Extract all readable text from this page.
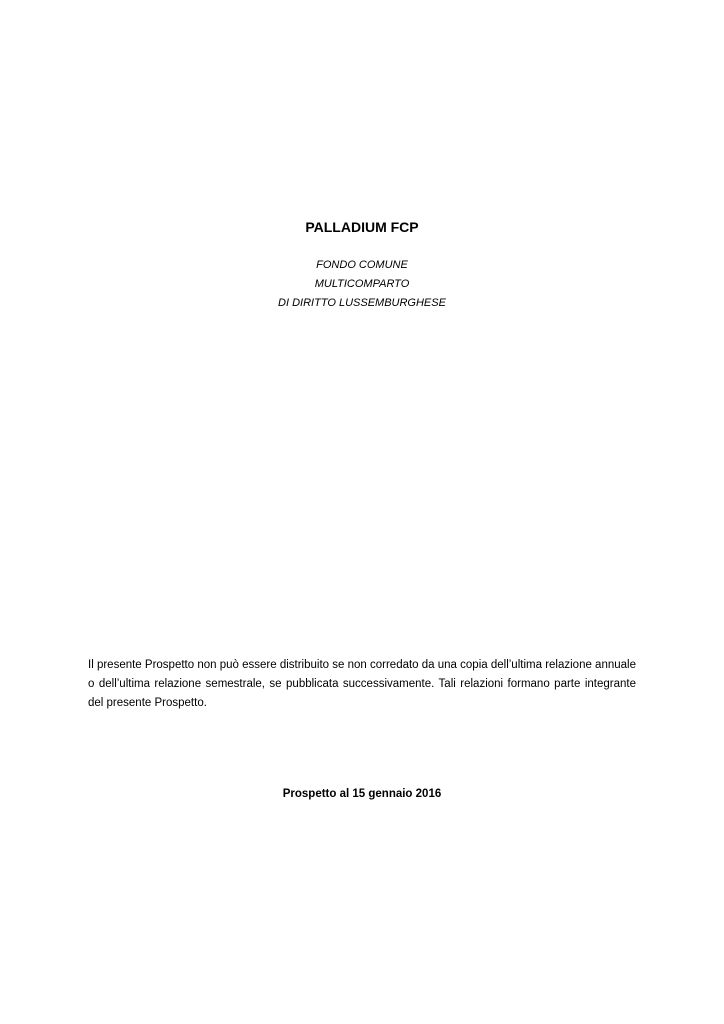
PALLADIUM FCP
FONDO COMUNE
MULTICOMPARTO
DI DIRITTO LUSSEMBURGHESE
Il presente Prospetto non può essere distribuito se non corredato da una copia dell’ultima relazione annuale o dell’ultima relazione semestrale, se pubblicata successivamente. Tali relazioni formano parte integrante del presente Prospetto.
Prospetto al 15 gennaio 2016
